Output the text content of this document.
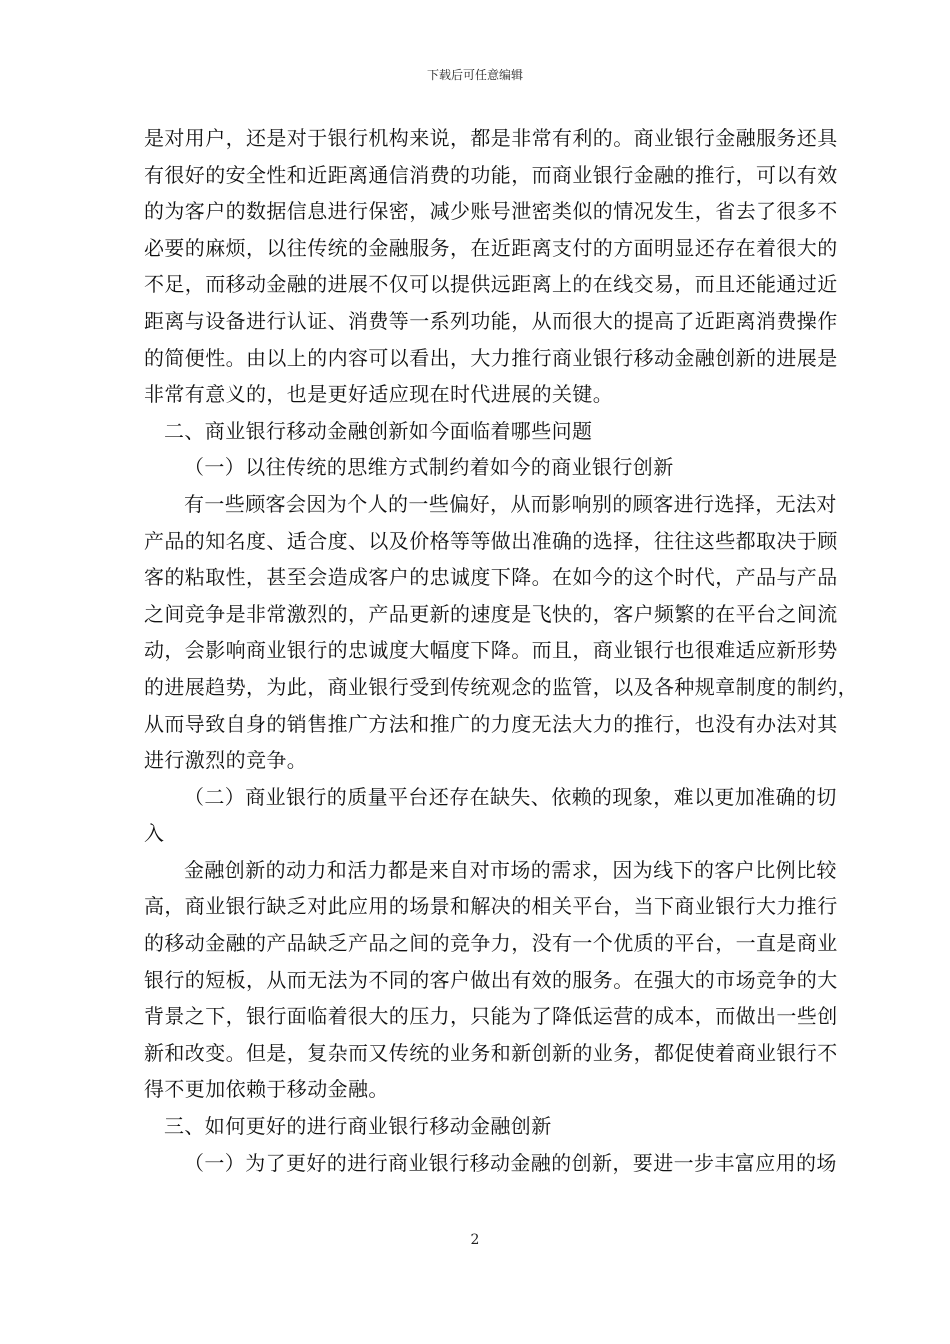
下载后可任意编辑
是对用户，还是对于银行机构来说，都是非常有利的。商业银行金融服务还具
有很好的安全性和近距离通信消费的功能，而商业银行金融的推行，可以有效
的为客户的数据信息进行保密，减少账号泄密类似的情况发生，省去了很多不
必要的麻烦，以往传统的金融服务，在近距离支付的方面明显还存在着很大的
不足，而移动金融的进展不仅可以提供远距离上的在线交易，而且还能通过近
距离与设备进行认证、消费等一系列功能，从而很大的提高了近距离消费操作
的简便性。由以上的内容可以看出，大力推行商业银行移动金融创新的进展是
非常有意义的，也是更好适应现在时代进展的关键。
二、商业银行移动金融创新如今面临着哪些问题
（一）以往传统的思维方式制约着如今的商业银行创新
有一些顾客会因为个人的一些偏好，从而影响别的顾客进行选择，无法对
产品的知名度、适合度、以及价格等等做出准确的选择，往往这些都取决于顾
客的粘取性，甚至会造成客户的忠诚度下降。在如今的这个时代，产品与产品
之间竞争是非常激烈的，产品更新的速度是飞快的，客户频繁的在平台之间流
动，会影响商业银行的忠诚度大幅度下降。而且，商业银行也很难适应新形势
的进展趋势，为此，商业银行受到传统观念的监管，以及各种规章制度的制约，
从而导致自身的销售推广方法和推广的力度无法大力的推行，也没有办法对其
进行激烈的竞争。
（二）商业银行的质量平台还存在缺失、依赖的现象，难以更加准确的切
入
金融创新的动力和活力都是来自对市场的需求，因为线下的客户比例比较
高，商业银行缺乏对此应用的场景和解决的相关平台，当下商业银行大力推行
的移动金融的产品缺乏产品之间的竞争力，没有一个优质的平台，一直是商业
银行的短板，从而无法为不同的客户做出有效的服务。在强大的市场竞争的大
背景之下，银行面临着很大的压力，只能为了降低运营的成本，而做出一些创
新和改变。但是，复杂而又传统的业务和新创新的业务，都促使着商业银行不
得不更加依赖于移动金融。
三、如何更好的进行商业银行移动金融创新
（一）为了更好的进行商业银行移动金融的创新，要进一步丰富应用的场
2
